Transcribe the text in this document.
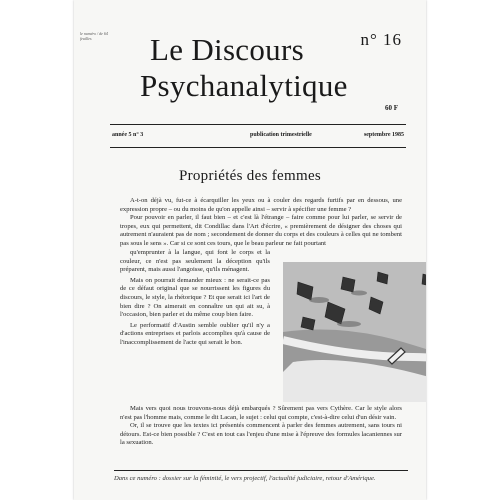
le numéro / de 64 feuilles	Le Discours
Psychanalytique
n° 16
60 F
année 5 n° 3	publication trimestrielle	septembre 1985
Propriétés des femmes

A-t-on déjà vu, fut-ce à écarquiller les yeux ou à couler des regards furtifs par en dessous, une expression propre – ou du moins de qu'on appelle ainsi – servir à spécifier une femme ?

Pour pouvoir en parler, il faut bien – et c'est là l'étrange – faire comme pour lui parler, se servir de tropes, eux qui permettent, dit Condillac dans l'Art d'écrire, « premièrement de désigner des choses qui autrement n'auraient pas de nom ; secondement de donner du corps et des couleurs à celles qui ne tombent pas sous le sens ». Car si ce sont ces tours, que le beau parleur ne fait pourtant

qu'emprunter à la langue, qui font le corps et la couleur, ce n'est pas seulement la déception qu'ils préparent, mais aussi l'angoisse, qu'ils ménagent.

Mais on pourrait demander mieux : ne serait-ce pas de ce défaut original que se nourrissent les figures du discours, le style, la rhétorique ? Et que serait ici l'art de bien dire ? On aimerait en connaître un qui ait su, à l'occasion, bien parler et du même coup bien faire.

Le performatif d'Austin semble oublier qu'il n'y a d'actions entreprises et parlois accomplies qu'à cause de l'inaccomplissement de l'acte qui serait le bon.

Mais vers quoi nous trouvons-nous déjà embarqués ? Sûrement pas vers Cythère. Car le style alors n'est pas l'homme mais, comme le dit Lacan, le sujet : celui qui compte, c'est-à-dire celui d'un désir vain.

Or, il se trouve que les textes ici présentés commencent à parler des femmes autrement, sans tours ni détours. Est-ce bien possible ? C'est en tout cas l'enjeu d'une mise à l'épreuve des formules lacaniennes sur la sexuation.

Dans ce numéro : dossier sur la féminité, le vers projectif, l'actualité judiciaire, retour d'Amérique.
